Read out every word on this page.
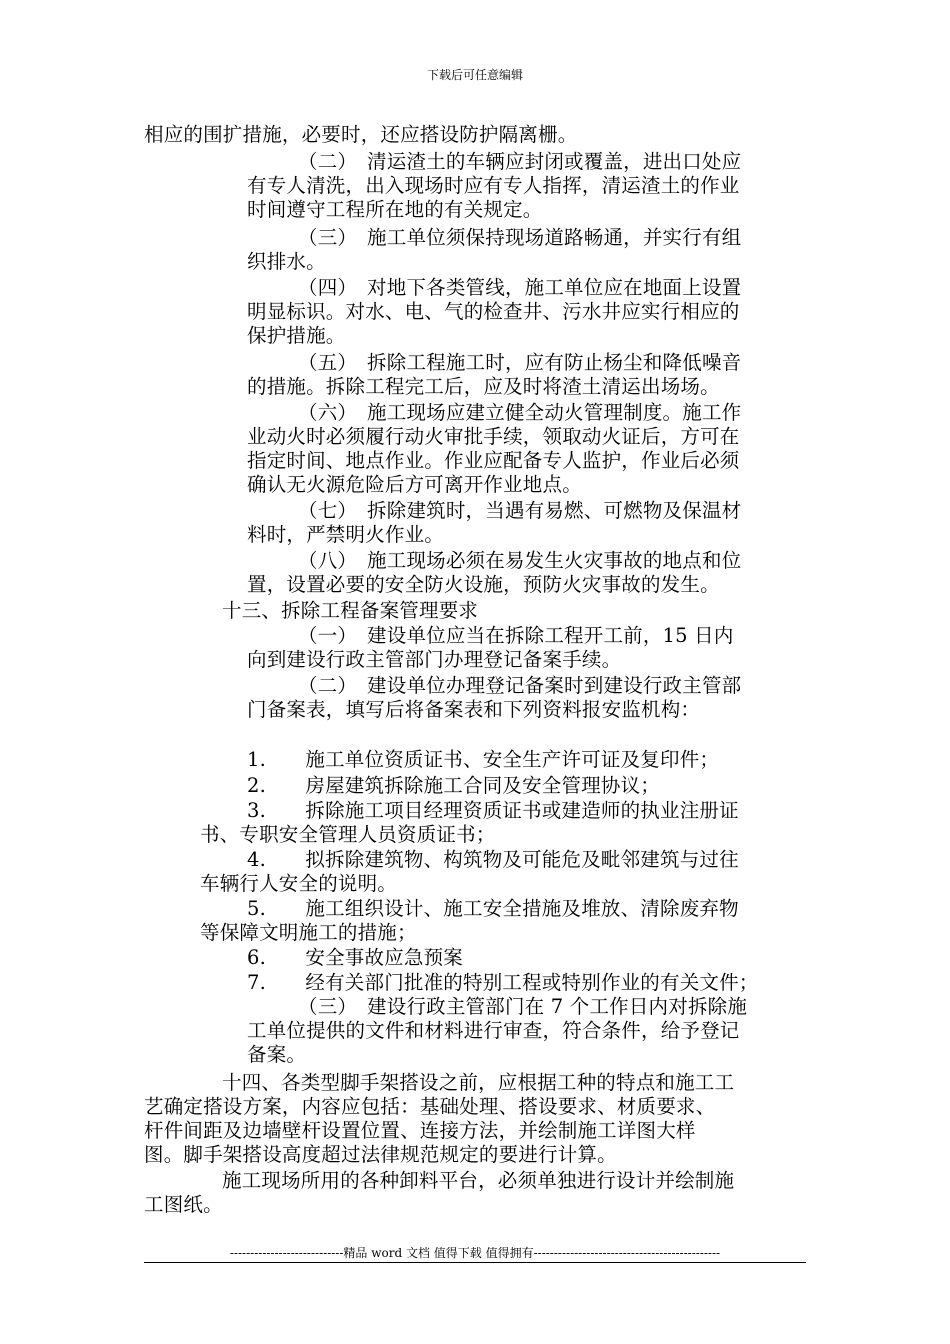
下载后可任意编辑
相应的围扩措施，必要时，还应搭设防护隔离栅。
（二）　清运渣土的车辆应封闭或覆盖，进出口处应
有专人清洗，出入现场时应有专人指挥，清运渣土的作业
时间遵守工程所在地的有关规定。
（三）　施工单位须保持现场道路畅通，并实行有组
织排水。
（四）　对地下各类管线，施工单位应在地面上设置
明显标识。对水、电、气的检查井、污水井应实行相应的
保护措施。
（五）　拆除工程施工时，应有防止杨尘和降低噪音
的措施。拆除工程完工后，应及时将渣土清运出场场。
（六）　施工现场应建立健全动火管理制度。施工作
业动火时必须履行动火审批手续，领取动火证后，方可在
指定时间、地点作业。作业应配备专人监护，作业后必须
确认无火源危险后方可离开作业地点。
（七）　拆除建筑时，当遇有易燃、可燃物及保温材
料时，严禁明火作业。
（八）　施工现场必须在易发生火灾事故的地点和位
置，设置必要的安全防火设施，预防火灾事故的发生。
十三、拆除工程备案管理要求
（一）　建设单位应当在拆除工程开工前，15 日内
向到建设行政主管部门办理登记备案手续。
（二）　建设单位办理登记备案时到建设行政主管部
门备案表，填写后将备案表和下列资料报安监机构：
1.　　施工单位资质证书、安全生产许可证及复印件；
2.　　房屋建筑拆除施工合同及安全管理协议；
3.　　拆除施工项目经理资质证书或建造师的执业注册证
书、专职安全管理人员资质证书；
4.　　拟拆除建筑物、构筑物及可能危及毗邻建筑与过往
车辆行人安全的说明。
5.　　施工组织设计、施工安全措施及堆放、清除废弃物
等保障文明施工的措施；
6.　　安全事故应急预案
7.　　经有关部门批准的特别工程或特别作业的有关文件；
（三）　建设行政主管部门在 7 个工作日内对拆除施
工单位提供的文件和材料进行审查，符合条件，给予登记
备案。
十四、各类型脚手架搭设之前，应根据工种的特点和施工工
艺确定搭设方案，内容应包括：基础处理、搭设要求、材质要求、
杆件间距及边墙壁杆设置位置、连接方法，并绘制施工详图大样
图。脚手架搭设高度超过法律规范规定的要进行计算。
施工现场所用的各种卸料平台，必须单独进行设计并绘制施
工图纸。
----------------------------精品 word 文档 值得下载 值得拥有----------------------------------------------
